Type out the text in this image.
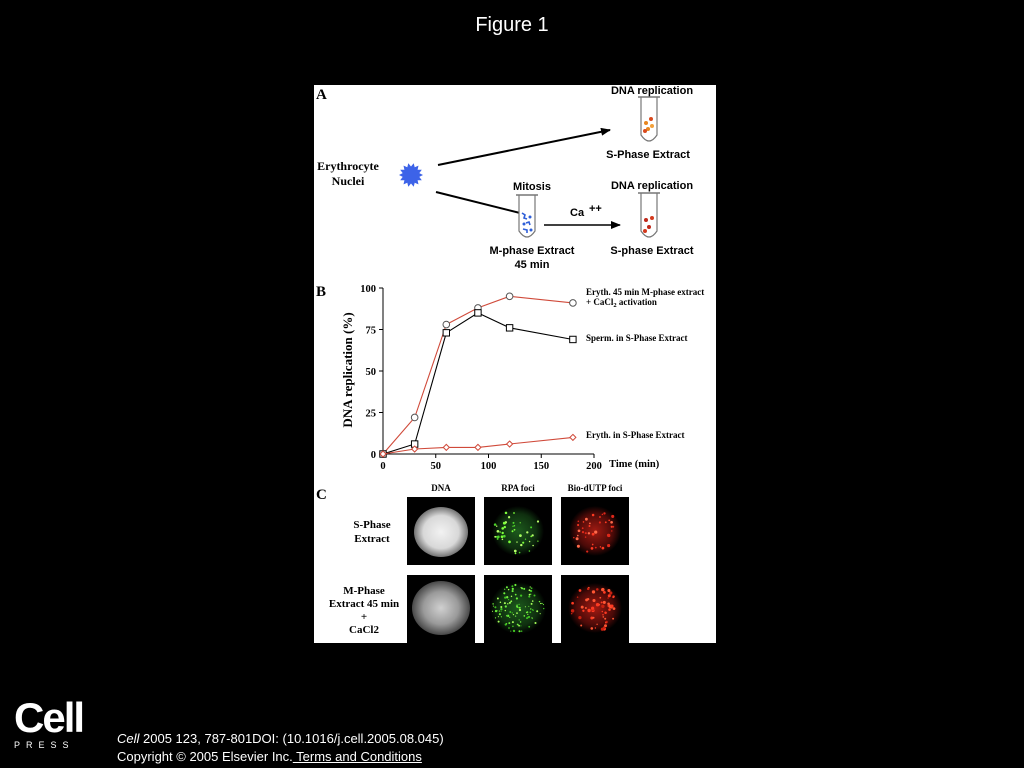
Figure 1
A
Erythrocyte
Nuclei
DNA replication
S-Phase Extract
Mitosis
M-phase Extract
45 min
Ca ++
DNA replication
S-phase Extract
B
DNA replication (%)
0
25
50
75
100
0	50	100	150	200 Time (min)
Eryth. 45 min M-phase extract
+ CaCl$_2$ activation
Sperm. in S-Phase Extract
Eryth. in S-Phase Extract
C	DNA	RPA foci	Bio-dUTP foci
S-Phase
Extract
M-Phase
Extract 45 min
+
CaCl2
Cell
PRESS	Cell 2005 123, 787-801DOI: (10.1016/j.cell.2005.08.045)
Copyright © 2005 Elsevier Inc. Terms and Conditions
